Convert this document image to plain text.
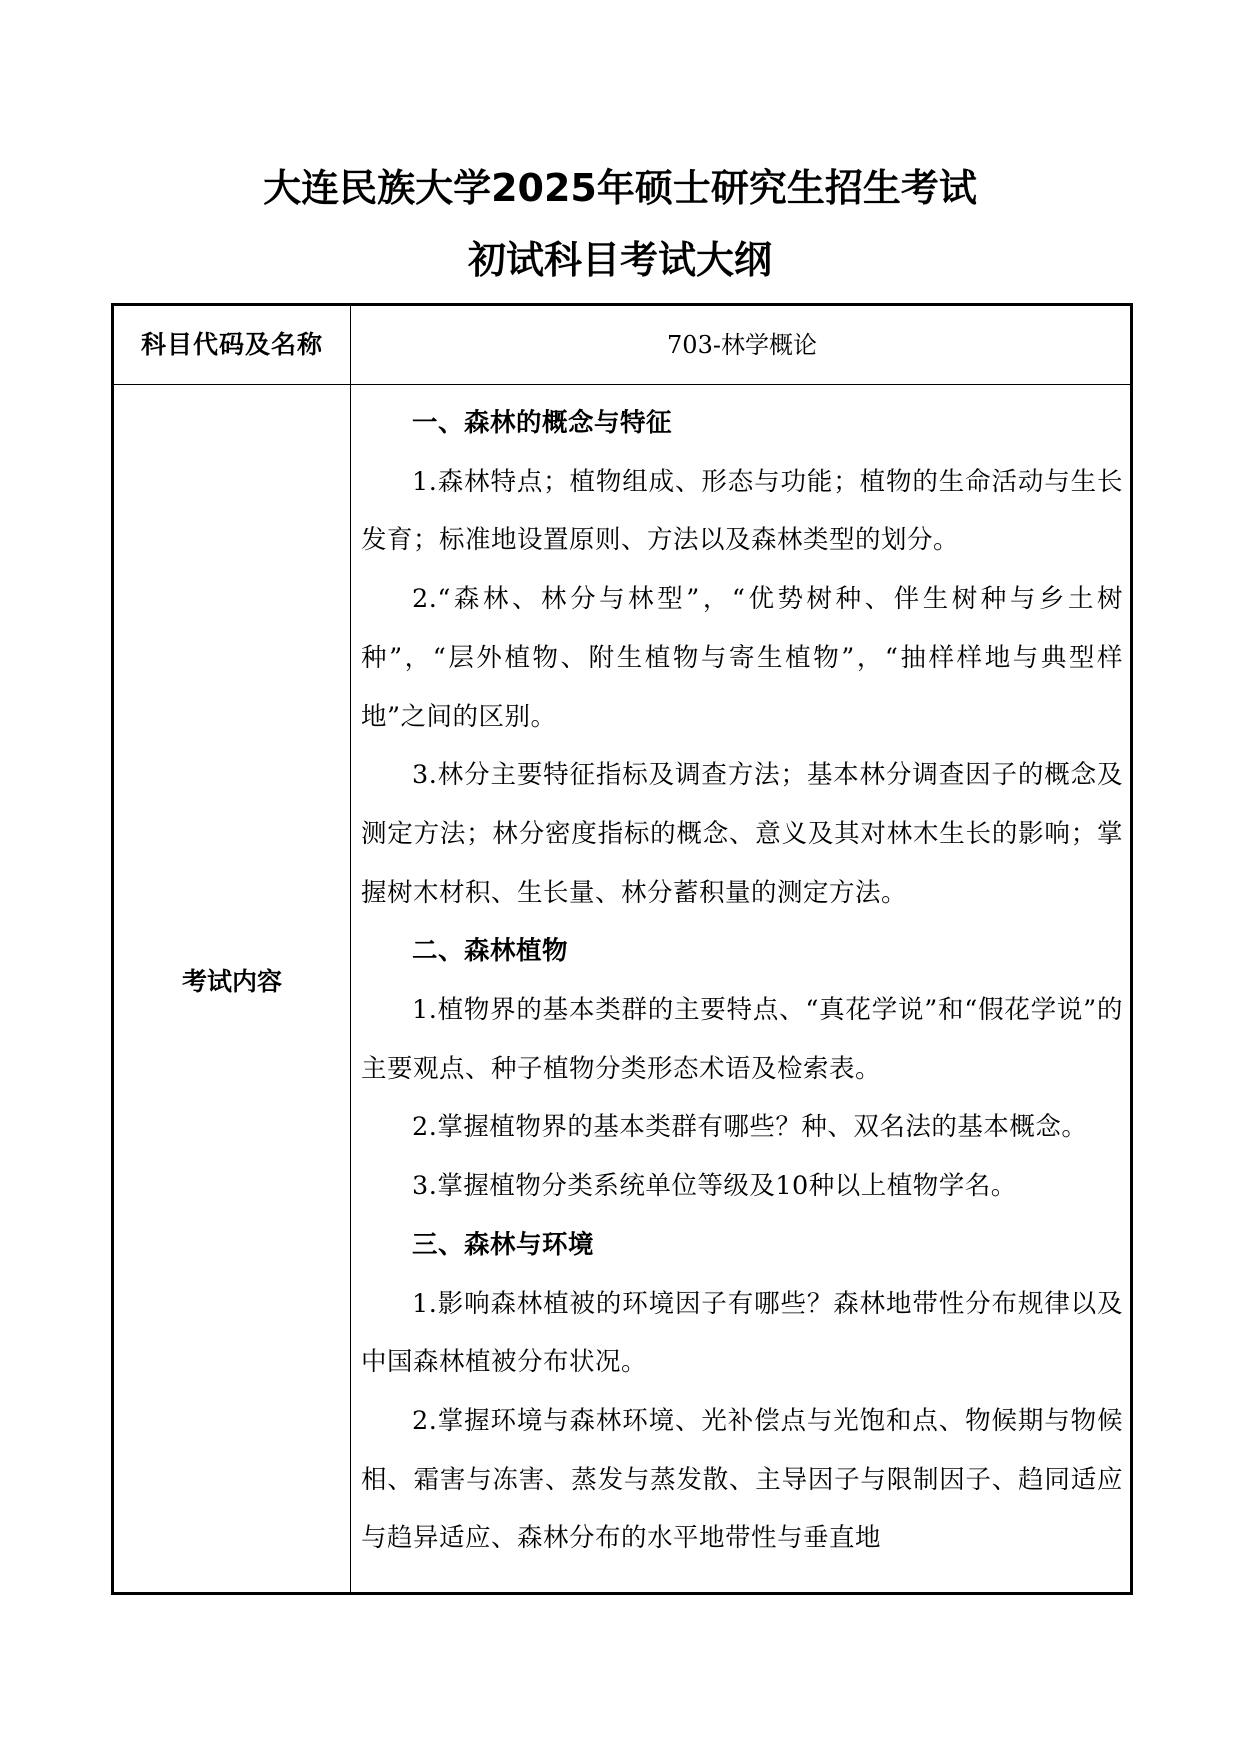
大连民族大学2025年硕士研究生招生考试
初试科目考试大纲
科目代码及名称	703-林学概论
考试内容

一、森林的概念与特征

1.森林特点；植物组成、形态与功能；植物的生命活动与生长发育；标准地设置原则、方法以及森林类型的划分。

2.“森林、林分与林型”，“优势树种、伴生树种与乡土树种”，“层外植物、附生植物与寄生植物”，“抽样样地与典型样地”之间的区别。

3.林分主要特征指标及调查方法；基本林分调查因子的概念及测定方法；林分密度指标的概念、意义及其对林木生长的影响；掌握树木材积、生长量、林分蓄积量的测定方法。

二、森林植物

1.植物界的基本类群的主要特点、“真花学说”和“假花学说”的主要观点、种子植物分类形态术语及检索表。

2.掌握植物界的基本类群有哪些？种、双名法的基本概念。

3.掌握植物分类系统单位等级及10种以上植物学名。

三、森林与环境

1.影响森林植被的环境因子有哪些？森林地带性分布规律以及中国森林植被分布状况。

2.掌握环境与森林环境、光补偿点与光饱和点、物候期与物候相、霜害与冻害、蒸发与蒸发散、主导因子与限制因子、趋同适应与趋异适应、森林分布的水平地带性与垂直地
